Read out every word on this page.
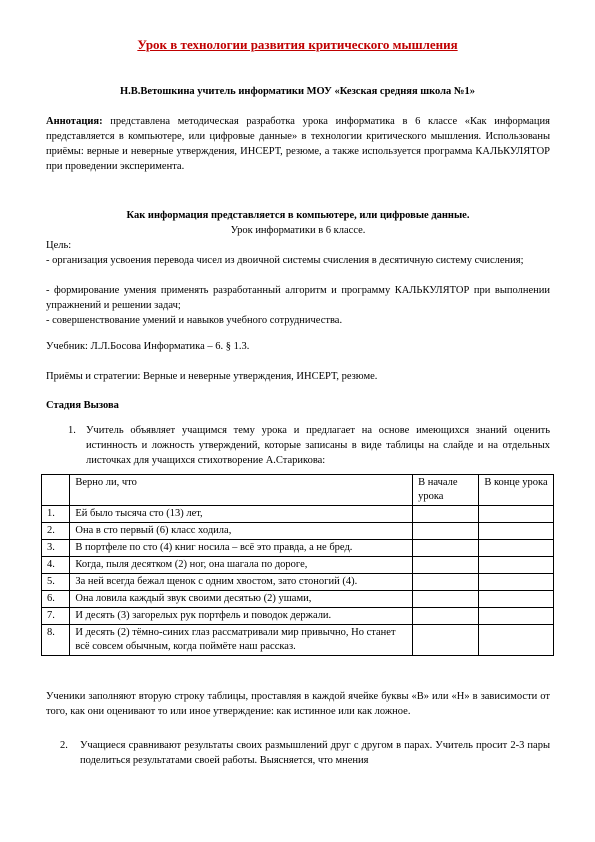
Урок в технологии развития критического мышления
Н.В.Ветошкина учитель информатики МОУ «Кезская средняя школа №1»

Аннотация: представлена методическая разработка урока информатика в 6 классе «Как информация представляется в компьютере, или цифровые данные» в технологии критического мышления. Использованы приёмы: верные и неверные утверждения, ИНСЕРТ, резюме, а также используется программа КАЛЬКУЛЯТОР при проведении эксперимента.

Как информация представляется в компьютере, или цифровые данные.

Урок информатики в 6 классе.

Цель:

- организация усвоения перевода чисел из двоичной системы счисления в десятичную систему счисления;

- формирование умения применять разработанный алгоритм и программу КАЛЬКУЛЯТОР при выполнении упражнений и решении задач;

- совершенствование умений и навыков учебного сотрудничества.

Учебник: Л.Л.Босова Информатика – 6. § 1.3.

Приёмы и стратегии: Верные и неверные утверждения, ИНСЕРТ, резюме.

Стадия Вызова

1. Учитель объявляет учащимся тему урока и предлагает на основе имеющихся знаний оценить истинность и ложность утверждений, которые записаны в виде таблицы на слайде и на отдельных листочках для учащихся стихотворение А.Старикова:

	Верно ли, что	В начале урока	В конце урока
1.	Ей было тысяча сто (13) лет,		
2.	Она в сто первый (6) класс ходила,		
3.	В портфеле по сто (4) книг носила – всё это правда, а не бред.		
4.	Когда, пыля десятком (2) ног, она шагала по дороге,		
5.	За ней всегда бежал щенок с одним хвостом, зато стоногий (4).		
6.	Она ловила каждый звук своими десятью (2) ушами,		
7.	И десять (3) загорелых рук портфель и поводок держали.		
8.	И десять (2) тёмно-синих глаз рассматривали мир привычно, Но станет всё совсем обычным, когда поймёте наш рассказ.		

Ученики заполняют вторую строку таблицы, проставляя в каждой ячейке буквы «В» или «Н» в зависимости от того, как они оценивают то или иное утверждение: как истинное или как ложное.

2. Учащиеся сравнивают результаты своих размышлений друг с другом в парах. Учитель просит 2-3 пары поделиться результатами своей работы. Выясняется, что мнения
